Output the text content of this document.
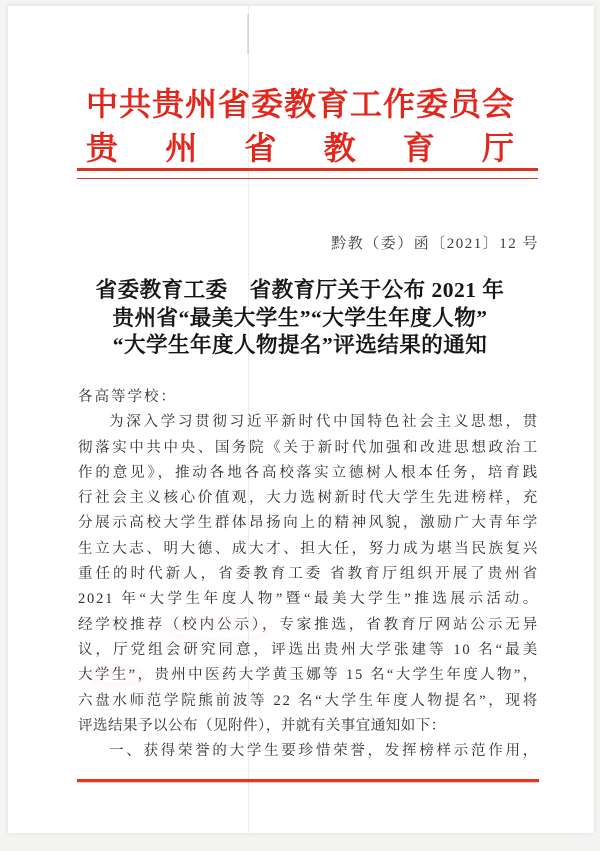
中共贵州省委教育工作委员会
贵州省教育厅
黔教（委）函〔2021〕12 号
省委教育工委　省教育厅关于公布 2021 年
贵州省“最美大学生”“大学生年度人物”
“大学生年度人物提名”评选结果的通知
各高等学校：
为深入学习贯彻习近平新时代中国特色社会主义思想，贯
彻落实中共中央、国务院《关于新时代加强和改进思想政治工
作的意见》，推动各地各高校落实立德树人根本任务，培育践
行社会主义核心价值观，大力选树新时代大学生先进榜样，充
分展示高校大学生群体昂扬向上的精神风貌，激励广大青年学
生立大志、明大德、成大才、担大任，努力成为堪当民族复兴
重任的时代新人，省委教育工委 省教育厅组织开展了贵州省
2021 年“大学生年度人物”暨“最美大学生”推选展示活动。
经学校推荐（校内公示），专家推选，省教育厅网站公示无异
议，厅党组会研究同意，评选出贵州大学张建等 10 名“最美
大学生”，贵州中医药大学黄玉娜等 15 名“大学生年度人物”，
六盘水师范学院熊前波等 22 名“大学生年度人物提名”，现将
评选结果予以公布（见附件），并就有关事宜通知如下：
一、获得荣誉的大学生要珍惜荣誉，发挥榜样示范作用，
